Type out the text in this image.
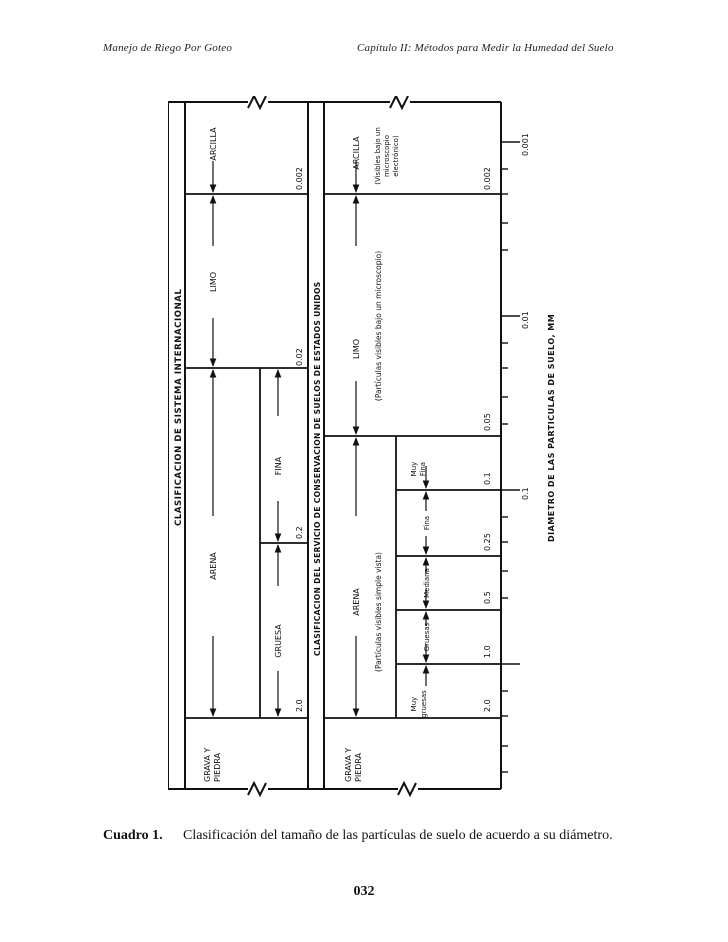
Manejo de Riego Por Goteo	Capítulo II: Métodos para Medir la Humedad del Suelo
CLASIFICACION DE SISTEMA INTERNACIONAL
GRAVA Y PIEDRA
ARENA
LIMO
ARCILLA
GRUESA
FINA
2.0
0.2
0.02
0.002
CLASIFICACION DEL SERVICIO DE CONSERVACION DE SUELOS DE ESTADOS UNIDOS
GRAVA Y PIEDRA
ARENA (Partículas visibles simple vista)
LIMO (Partículas visibles bajo un microscopio)
ARCILLA (Visibles bajo un microscopio electrónico)
Muy gruesas
Gruesas
Mediana
Fina
Muy Fina
2.0
1.0
0.5
0.25
0.1
0.05
0.002
0.1
0.01
0.001
DIAMETRO DE LAS PARTICULAS DE SUELO, MM
Cuadro 1. Clasificación del tamaño de las partículas de suelo de acuerdo a su diámetro.
032
